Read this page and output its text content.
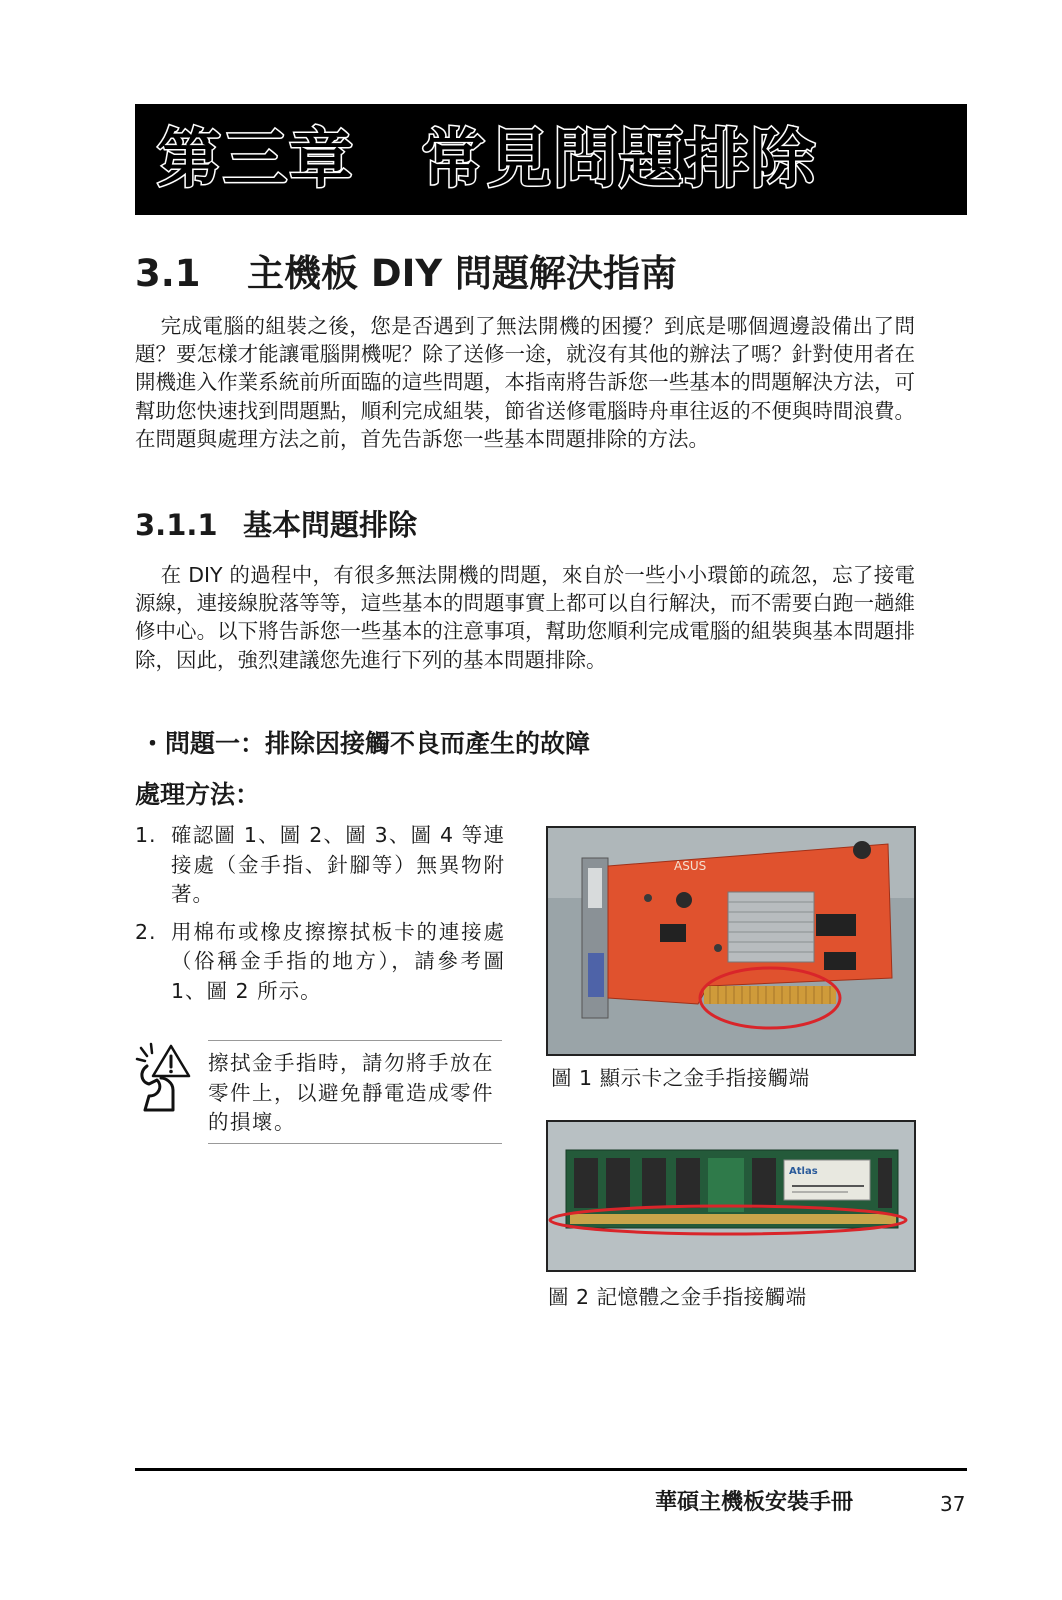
第三章　常見問題排除
3.1 主機板 DIY 問題解決指南

完成電腦的組裝之後，您是否遇到了無法開機的困擾？到底是哪個週邊設備出了問題？要怎樣才能讓電腦開機呢？除了送修一途，就沒有其他的辦法了嗎？針對使用者在開機進入作業系統前所面臨的這些問題，本指南將告訴您一些基本的問題解決方法，可幫助您快速找到問題點，順利完成組裝，節省送修電腦時舟車往返的不便與時間浪費。在問題與處理方法之前，首先告訴您一些基本問題排除的方法。

3.1.1 基本問題排除

在 DIY 的過程中，有很多無法開機的問題，來自於一些小小環節的疏忽，忘了接電源線，連接線脫落等等，這些基本的問題事實上都可以自行解決，而不需要白跑一趟維修中心。以下將告訴您一些基本的注意事項，幫助您順利完成電腦的組裝與基本問題排除，因此，強烈建議您先進行下列的基本問題排除。

・問題一：排除因接觸不良而產生的故障

處理方法：

1. 確認圖 1、圖 2、圖 3、圖 4 等連接處（金手指、針腳等）無異物附著。
2. 用棉布或橡皮擦擦拭板卡的連接處（俗稱金手指的地方），請參考圖 1、圖 2 所示。

擦拭金手指時，請勿將手放在零件上，以避免靜電造成零件的損壞。

ASUS

圖 1 顯示卡之金手指接觸端

Atlas

圖 2 記憶體之金手指接觸端

華碩主機板安裝手冊	37
